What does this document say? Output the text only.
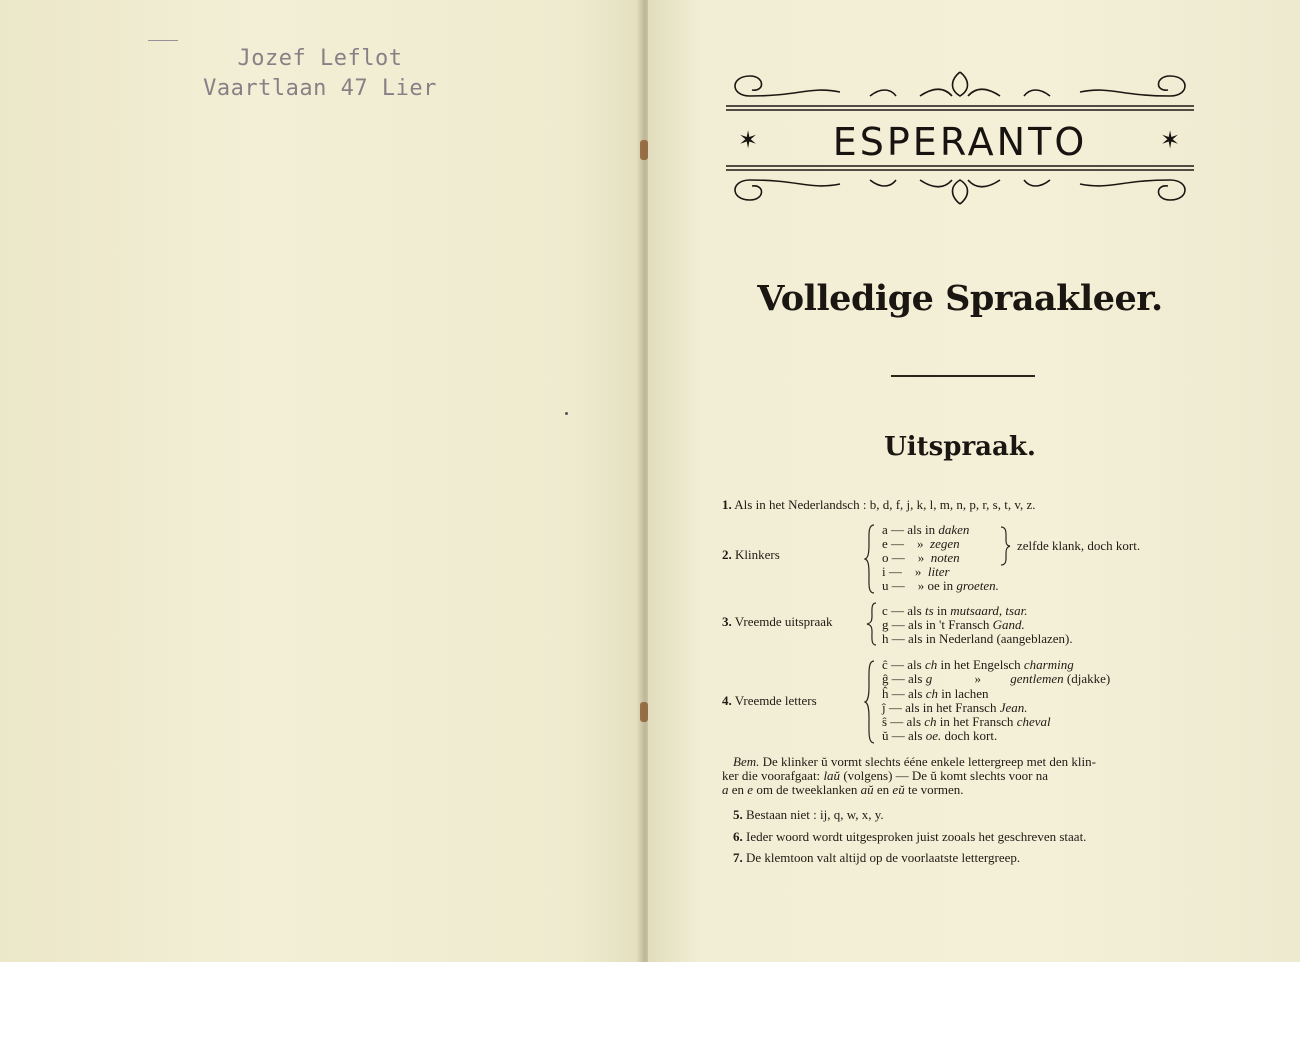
Jozef Leflot
Vaartlaan 47 Lier
✶	ESPERANTO	✶
Volledige Spraakleer.
Uitspraak.
1. Als in het Nederlandsch : b, d, f, j, k, l, m, n, p, r, s, t, v, z.
2. Klinkers
a — als in daken
e — » zegen
o — » noten
i — » liter
u — » oe in groeten.
zelfde klank, doch kort.
3. Vreemde uitspraak
c — als ts in mutsaard, tsar.
g — als in 't Fransch Gand.
h — als in Nederland (aangeblazen).
4. Vreemde letters
ĉ — als ch in het Engelsch charming
ĝ — als g	» gentlemen (djakke)
ĥ — als ch in lachen
ĵ — als in het Fransch Jean.
ŝ — als ch in het Fransch cheval
ŭ — als oe. doch kort.
Bem. De klinker ŭ vormt slechts ééne enkele lettergreep met den klin-
ker die voorafgaat: laŭ (volgens) — De ŭ komt slechts voor na
a en e om de tweeklanken aŭ en eŭ te vormen.
5. Bestaan niet : ij, q, w, x, y.
6. Ieder woord wordt uitgesproken juist zooals het geschreven staat.
7. De klemtoon valt altijd op de voorlaatste lettergreep.
